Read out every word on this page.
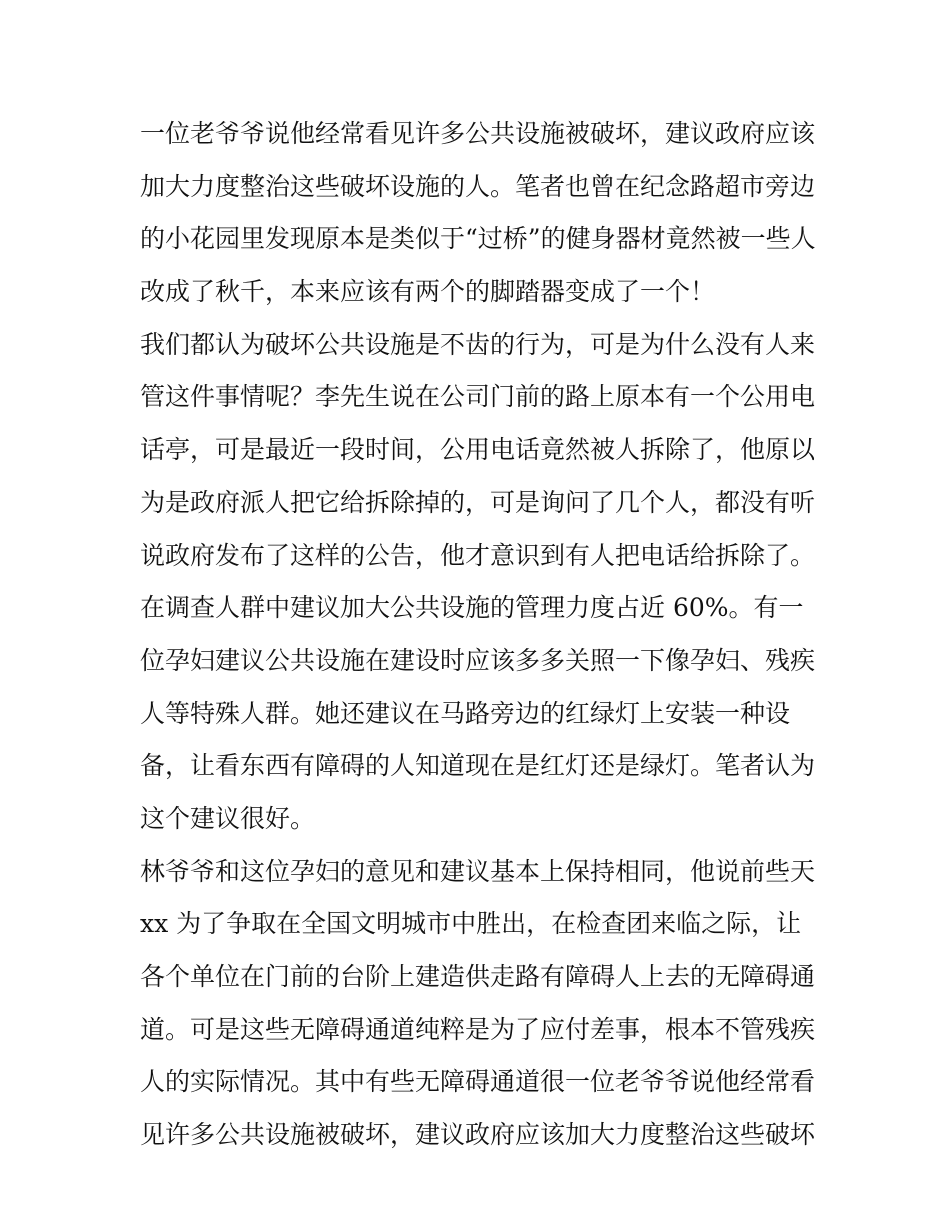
一位老爷爷说他经常看见许多公共设施被破坏，建议政府应该
加大力度整治这些破坏设施的人。笔者也曾在纪念路超市旁边
的小花园里发现原本是类似于“过桥”的健身器材竟然被一些人
改成了秋千，本来应该有两个的脚踏器变成了一个！
我们都认为破坏公共设施是不齿的行为，可是为什么没有人来
管这件事情呢？李先生说在公司门前的路上原本有一个公用电
话亭，可是最近一段时间，公用电话竟然被人拆除了，他原以
为是政府派人把它给拆除掉的，可是询问了几个人，都没有听
说政府发布了这样的公告，他才意识到有人把电话给拆除了。
在调查人群中建议加大公共设施的管理力度占近 60%。有一
位孕妇建议公共设施在建设时应该多多关照一下像孕妇、残疾
人等特殊人群。她还建议在马路旁边的红绿灯上安装一种设
备，让看东西有障碍的人知道现在是红灯还是绿灯。笔者认为
这个建议很好。
林爷爷和这位孕妇的意见和建议基本上保持相同，他说前些天
xx 为了争取在全国文明城市中胜出，在检查团来临之际，让
各个单位在门前的台阶上建造供走路有障碍人上去的无障碍通
道。可是这些无障碍通道纯粹是为了应付差事，根本不管残疾
人的实际情况。其中有些无障碍通道很一位老爷爷说他经常看
见许多公共设施被破坏，建议政府应该加大力度整治这些破坏
